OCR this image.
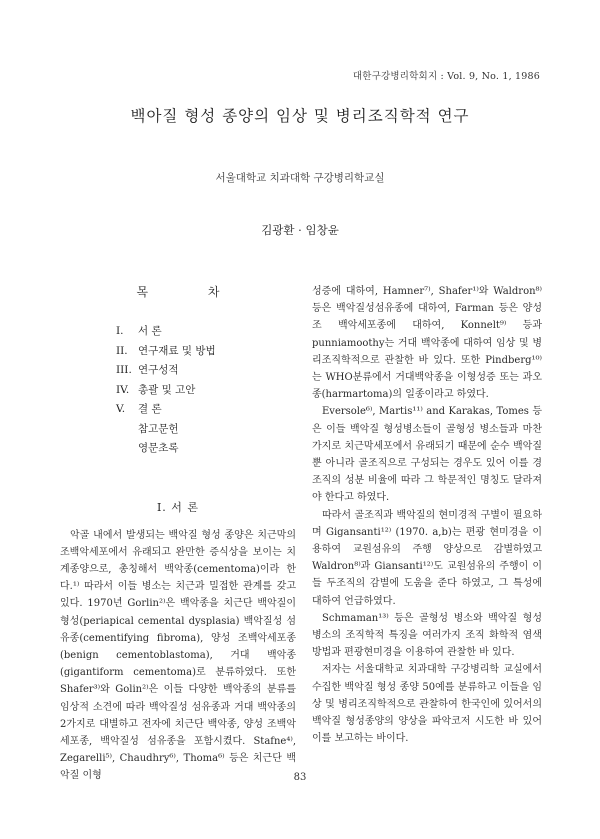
대한구강병리학회지 : Vol. 9, No. 1, 1986
백아질 형성 종양의 임상 및 병리조직학적 연구
서울대학교 치과대학 구강병리학교실
김광환 · 임창윤
목 차
I. 서 론
II. 연구재료 및 방법
III. 연구성적
IV. 총괄 및 고안
V. 결 론
참고문헌
영문초록
I. 서 론

악골 내에서 발생되는 백악질 형성 종양은 치근막의 조백악세포에서 유래되고 완만한 증식상을 보이는 치계종양으로, 총칭해서 백악종(cementoma)이라 한다.¹⁾ 따라서 이들 병소는 치근과 밀접한 관계를 갖고 있다. 1970년 Gorlin²⁾은 백악종을 치근단 백악질이형성(periapical cemental dysplasia) 백악질성 섬유종(cementifying fibroma), 양성 조백악세포종(benign cementoblastoma), 거대 백악종(gigantiform cementoma)로 분류하였다. 또한 Shafer³⁾와 Golin²⁾은 이들 다양한 백악종의 분류를 임상적 소견에 따라 백악질성 섬유종과 거대 백악종의 2가지로 대별하고 전자에 치근단 백악종, 양성 조백악세포종, 백악질성 섬유종을 포함시켰다. Stafne⁴⁾, Zegarelli⁵⁾, Chaudhry⁶⁾, Thoma⁶⁾ 등은 치근단 백악질 이형

성증에 대하여, Hamner⁷⁾, Shafer¹⁾와 Waldron⁸⁾ 등은 백악질성섬유종에 대하여, Farman 등은 양성조 백악세포종에 대하여, Konnelt⁹⁾ 등과 punniamoothy는 거대 백악종에 대하여 임상 및 병리조직학적으로 관찰한 바 있다. 또한 Pindberg¹⁰⁾는 WHO분류에서 거대백악종을 이형성증 또는 과오종(harmartoma)의 일종이라고 하였다.

Eversole⁶⁾, Martis¹¹⁾ and Karakas, Tomes 등은 이들 백악질 형성병소들이 골형성 병소들과 마찬가지로 치근막세포에서 유래되기 때문에 순수 백악질 뿐 아니라 골조직으로 구성되는 경우도 있어 이를 경조직의 성분 비율에 따라 그 학문적인 명칭도 달라져야 한다고 하였다.

따라서 골조직과 백악질의 현미경적 구별이 필요하며 Gigansanti¹²⁾ (1970. a,b)는 편광 현미경을 이용하여 교원섬유의 주행 양상으로 감별하였고 Waldron⁸⁾과 Giansanti¹²⁾도 교원섬유의 주행이 이들 두조직의 감별에 도움을 준다 하였고, 그 특성에 대하여 언급하였다.

Schmaman¹³⁾ 등은 골형성 병소와 백악질 형성 병소의 조직학적 특징을 여러가지 조직 화학적 염색방법과 편광현미경을 이용하여 관찰한 바 있다.

저자는 서울대학교 치과대학 구강병리학 교실에서 수집한 백악질 형성 종양 50예를 분류하고 이들을 임상 및 병리조직학적으로 관찰하여 한국인에 있어서의 백악질 형성종양의 양상을 파악코저 시도한 바 있어 이를 보고하는 바이다.

83
